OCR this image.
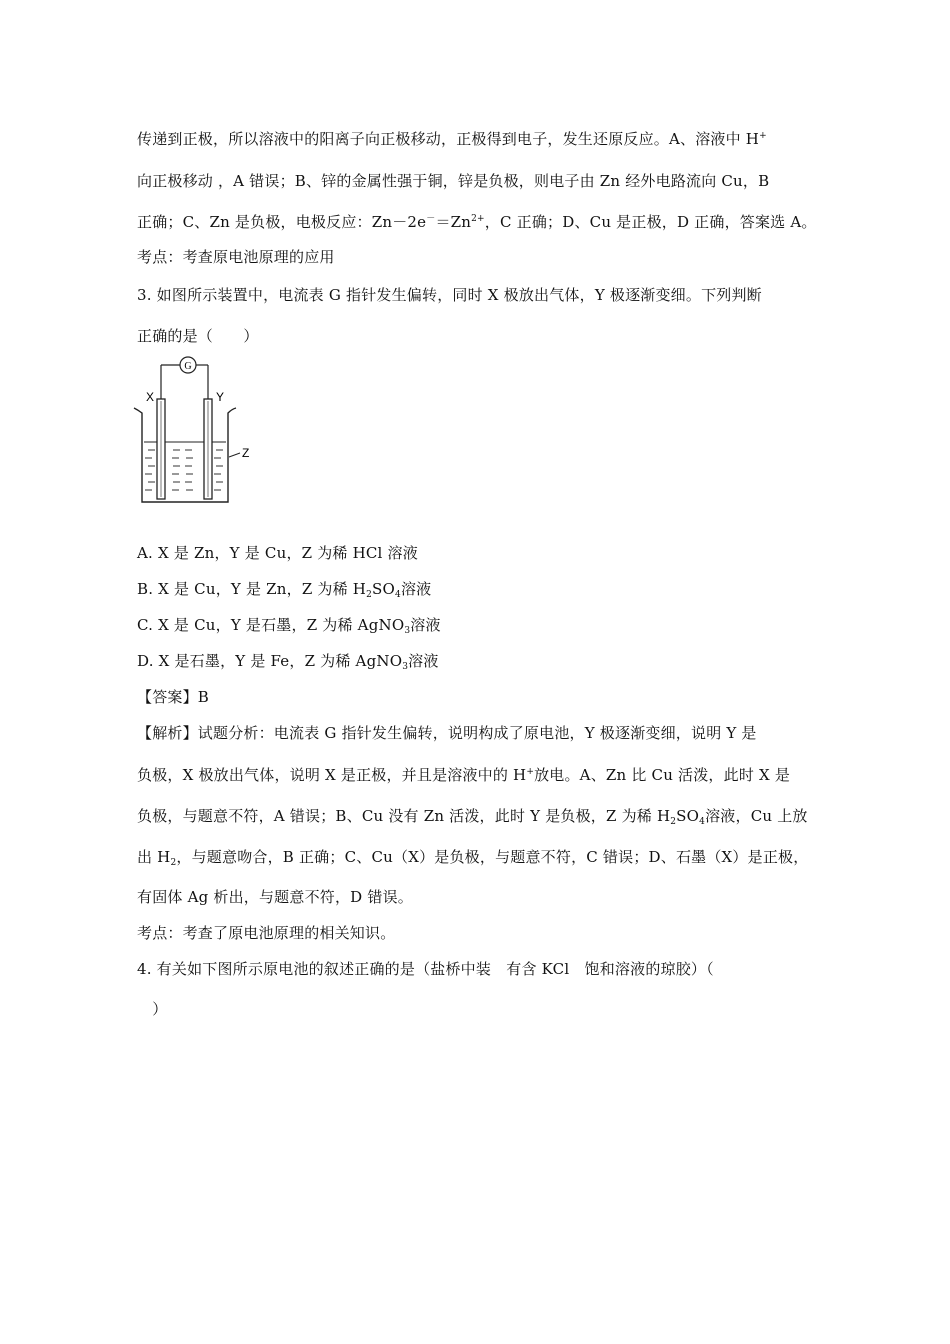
传递到正极，所以溶液中的阳离子向正极移动，正极得到电子，发生还原反应。A、溶液中 H+
向正极移动 ，A 错误；B、锌的金属性强于铜，锌是负极，则电子由 Zn 经外电路流向 Cu，B
正确；C、Zn 是负极，电极反应：$Zn-2e^-=Zn^{2+}$，C 正确；D、Cu 是正极，D 正确，答案选 A。
考点：考查原电池原理的应用
3. 如图所示装置中，电流表 G 指针发生偏转，同时 X 极放出气体，Y 极逐渐变细。下列判断
正确的是（　　）
G
X	Y
Z
A. X 是 Zn，Y 是 Cu，Z 为稀 HCl 溶液
B. X 是 Cu，Y 是 Zn，Z 为稀 $H_2SO_4$溶液
C. X 是 Cu，Y 是石墨，Z 为稀 AgNO$_3$溶液
D. X 是石墨，Y 是 Fe，Z 为稀 AgNO$_3$溶液
【答案】B
【解析】试题分析：电流表 G 指针发生偏转，说明构成了原电池，Y 极逐渐变细，说明 Y 是
负极，X 极放出气体，说明 X 是正极，并且是溶液中的 H+放电。A、Zn 比 Cu 活泼，此时 X 是
负极，与题意不符，A 错误；B、Cu 没有 Zn 活泼，此时 Y 是负极，Z 为稀 $H_2SO_4$溶液，Cu 上放
出 $H_2$，与题意吻合，B 正确；C、Cu（X）是负极，与题意不符，C 错误；D、石墨（X）是正极，
有固体 Ag 析出，与题意不符，D 错误。
考点：考查了原电池原理的相关知识。
4. 有关如下图所示原电池的叙述正确的是（盐桥中装　有含 KCl　饱和溶液的琼胶）（
　）
